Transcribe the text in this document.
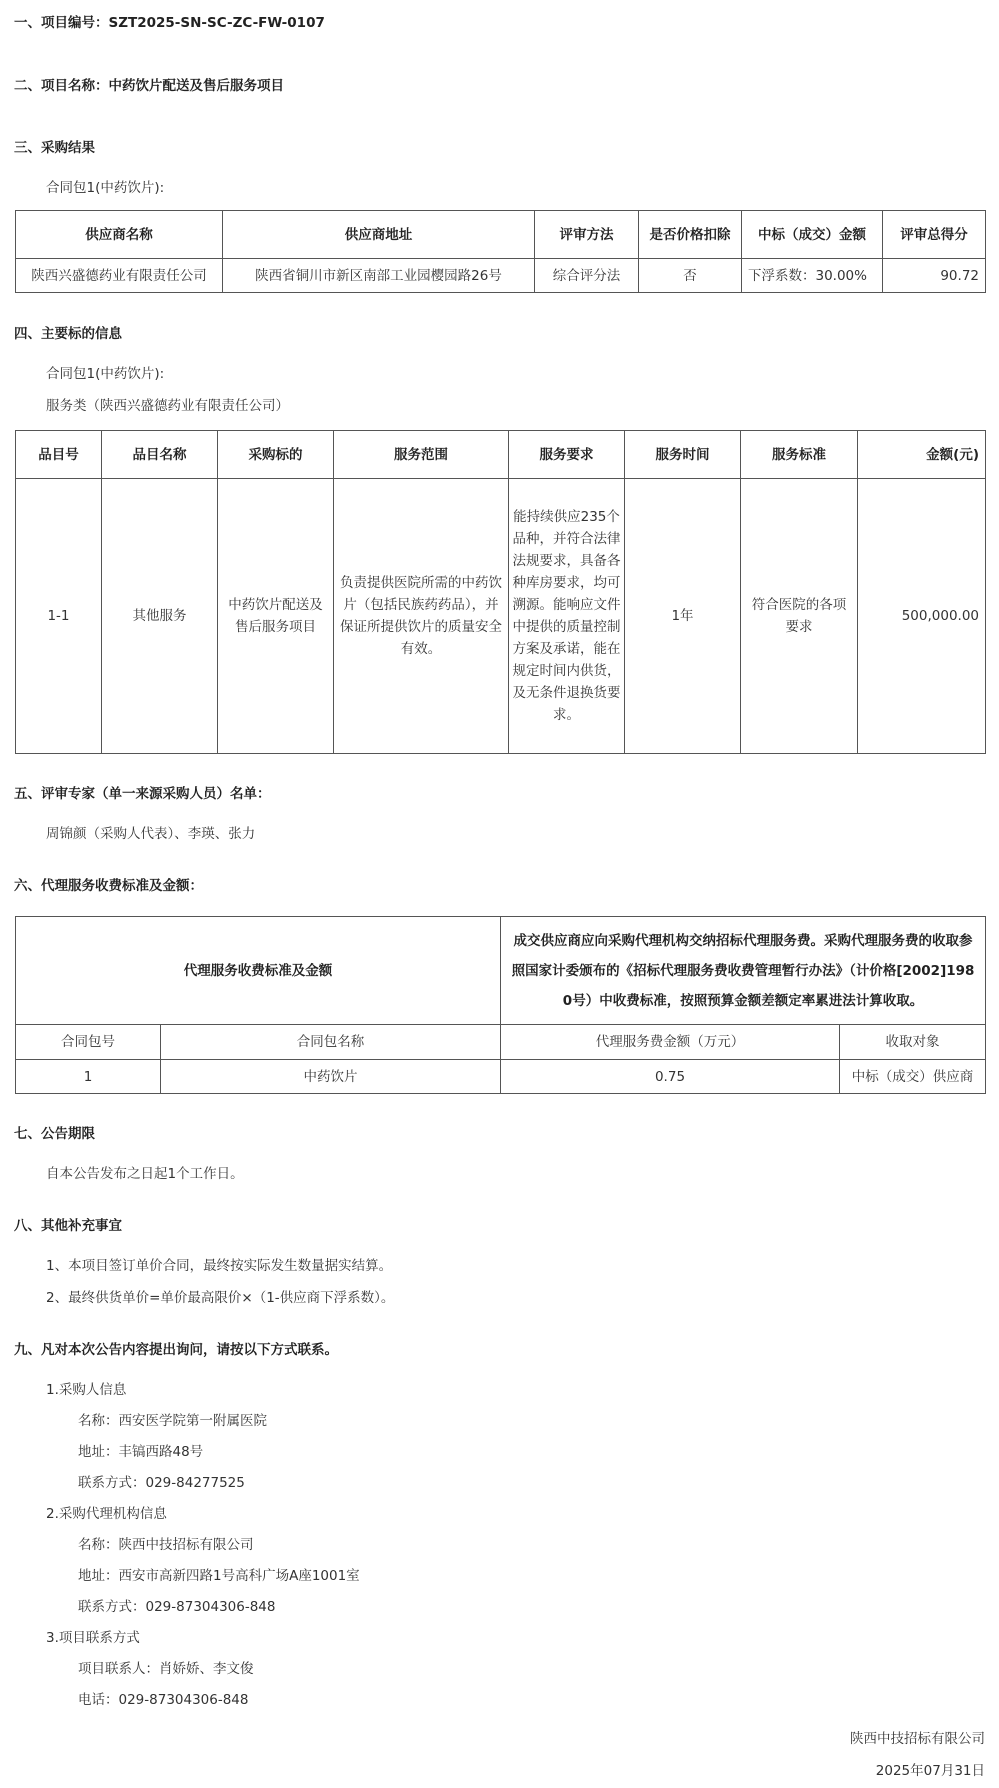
一、项目编号：SZT2025-SN-SC-ZC-FW-0107
二、项目名称：中药饮片配送及售后服务项目
三、采购结果
合同包1(中药饮片):
供应商名称	供应商地址	评审方法	是否价格扣除	中标（成交）金额	评审总得分
陕西兴盛德药业有限责任公司	陕西省铜川市新区南部工业园樱园路26号	综合评分法	否	下浮系数：30.00%	90.72
四、主要标的信息
合同包1(中药饮片):
服务类（陕西兴盛德药业有限责任公司）
品目号	品目名称	采购标的	服务范围	服务要求	服务时间	服务标准	金额(元)
1-1	其他服务	中药饮片配送及售后服务项目	负责提供医院所需的中药饮片（包括民族药药品），并保证所提供饮片的质量安全有效。	能持续供应235个品种，并符合法律法规要求，具备各种库房要求，均可溯源。能响应文件中提供的质量控制方案及承诺，能在规定时间内供货，及无条件退换货要求。	1年	符合医院的各项要求	500,000.00
五、评审专家（单一来源采购人员）名单：
周锦颜（采购人代表）、李瑛、张力
六、代理服务收费标准及金额：
代理服务收费标准及金额		成交供应商应向采购代理机构交纳招标代理服务费。采购代理服务费的收取参照国家计委颁布的《招标代理服务费收费管理暂行办法》（计价格[2002]1980号）中收费标准，按照预算金额差额定率累进法计算收取。	
合同包号	合同包名称	代理服务费金额（万元）	收取对象
1	中药饮片	0.75	中标（成交）供应商
七、公告期限
自本公告发布之日起1个工作日。
八、其他补充事宜
1、本项目签订单价合同，最终按实际发生数量据实结算。
2、最终供货单价=单价最高限价×（1-供应商下浮系数）。
九、凡对本次公告内容提出询问，请按以下方式联系。
1.采购人信息
名称：西安医学院第一附属医院
地址：丰镐西路48号
联系方式：029-84277525
2.采购代理机构信息
名称：陕西中技招标有限公司
地址：西安市高新四路1号高科广场A座1001室
联系方式：029-87304306-848
3.项目联系方式
项目联系人：肖娇娇、李文俊
电话：029-87304306-848
陕西中技招标有限公司
2025年07月31日
